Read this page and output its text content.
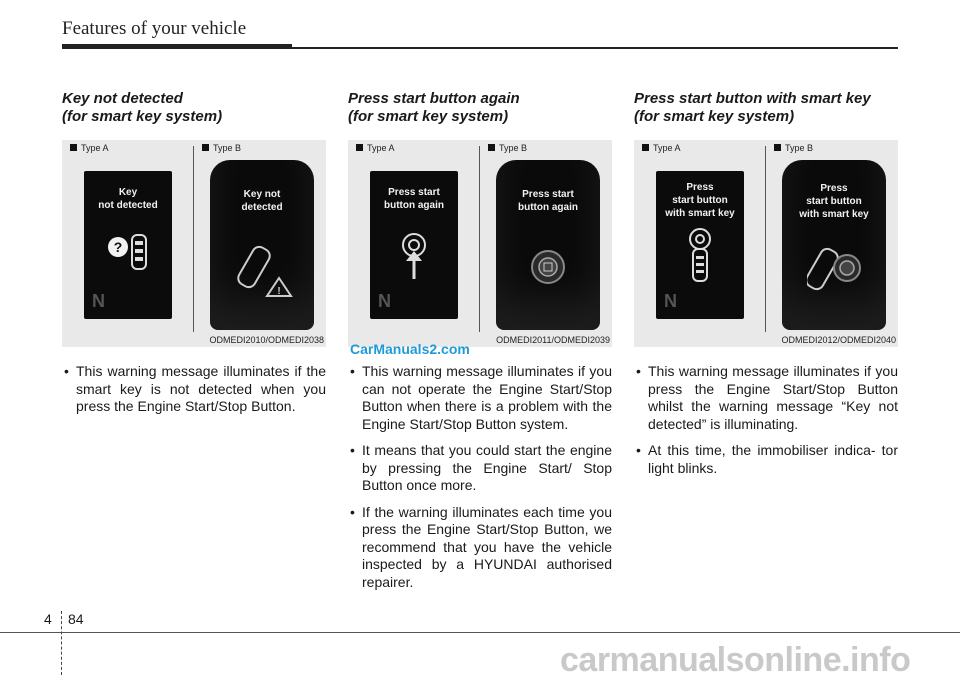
Features of your vehicle
Key not detected
(for smart key system)
Type A	Type B
Key
not detected
?
N
Key not
detected
!
ODMEDI2010/ODMEDI2038
• This warning message illuminates if the smart key is not detected when you press the Engine Start/Stop Button.
Press start button again
(for smart key system)
Type A	Type B
Press start
button again
N
Press start
button again
ODMEDI2011/ODMEDI2039
• This warning message illuminates if you can not operate the Engine Start/Stop Button when there is a problem with the Engine Start/Stop Button system.
• It means that you could start the engine by pressing the Engine Start/ Stop Button once more.
• If the warning illuminates each time you press the Engine Start/Stop Button, we recommend that you have the vehicle inspected by a HYUNDAI authorised repairer.
Press start button with smart key
(for smart key system)
Type A	Type B
Press
start button
with smart key
N
Press
start button
with smart key
ODMEDI2012/ODMEDI2040
• This warning message illuminates if you press the Engine Start/Stop Button whilst the warning message “Key not detected” is illuminating.
• At this time, the immobiliser indica- tor light blinks.
CarManuals2.com
4 84
carmanualsonline.info
